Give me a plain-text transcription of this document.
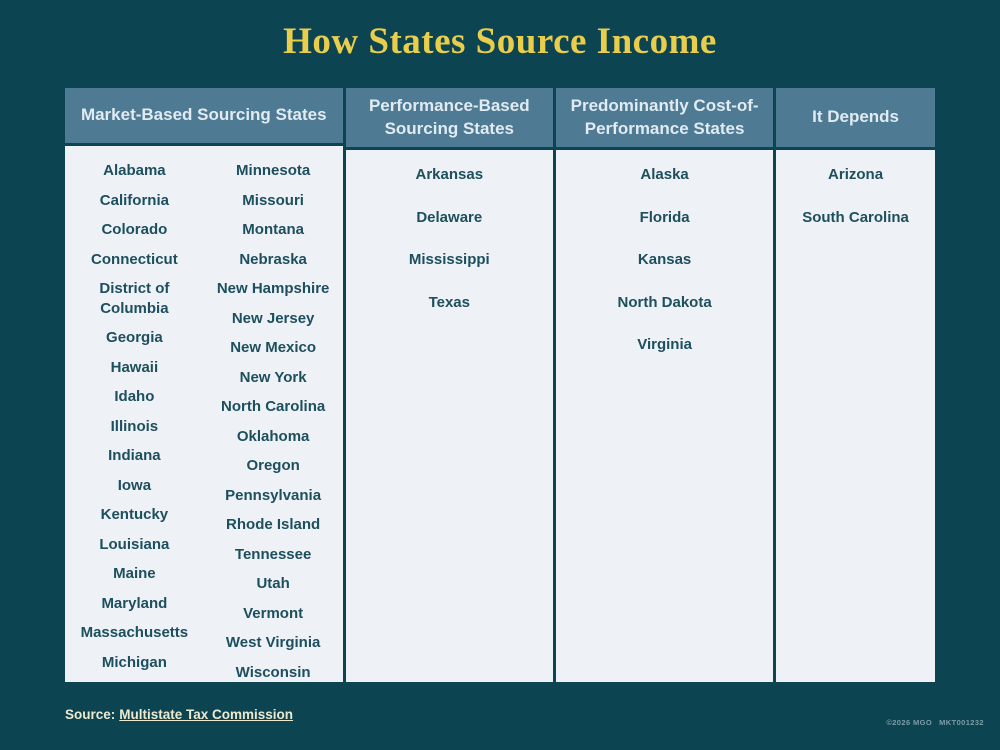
How States Source Income
Market-Based Sourcing States
Alabama
California
Colorado
Connecticut
District of Columbia
Georgia
Hawaii
Idaho
Illinois
Indiana
Iowa
Kentucky
Louisiana
Maine
Maryland
Massachusetts
Michigan
Minnesota
Missouri
Montana
Nebraska
New Hampshire
New Jersey
New Mexico
New York
North Carolina
Oklahoma
Oregon
Pennsylvania
Rhode Island
Tennessee
Utah
Vermont
West Virginia
Wisconsin
Performance-Based Sourcing States
Arkansas
Delaware
Mississippi
Texas
Predominantly Cost-of-Performance States
Alaska
Florida
Kansas
North Dakota
Virginia
It Depends
Arizona
South Carolina
Source: Multistate Tax Commission
©2026 MGO MKT001232
